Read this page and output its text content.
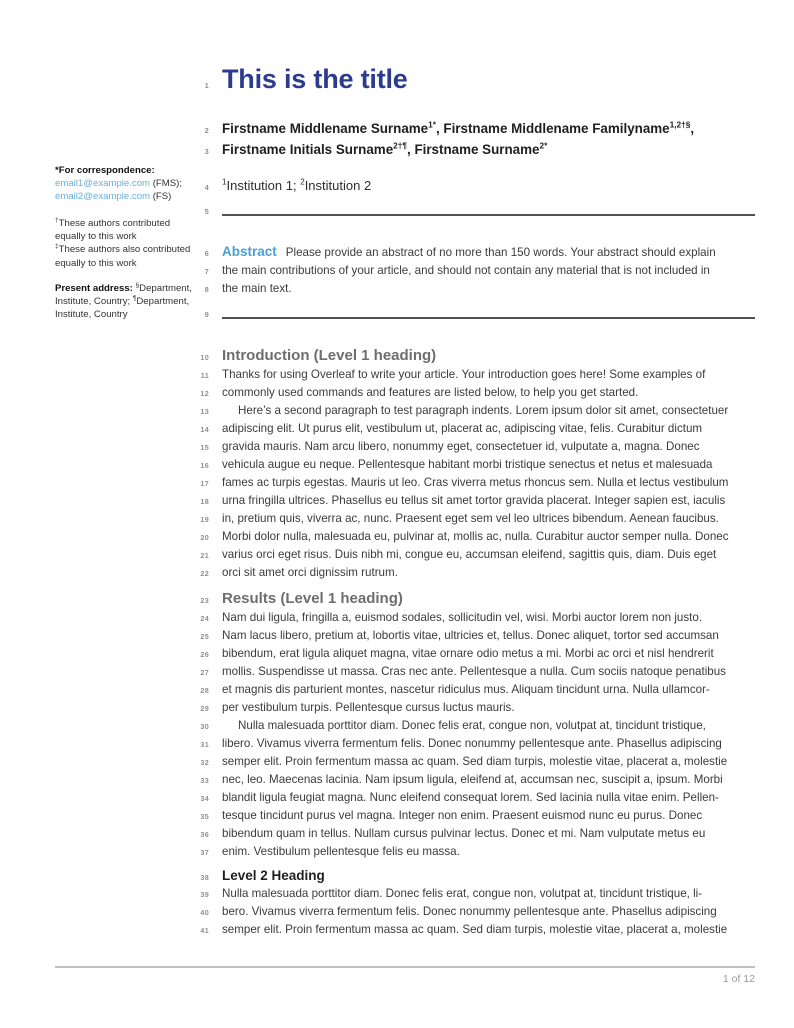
*For correspondence:
email1@example.com (FMS);
email2@example.com (FS)
†These authors contributed
equally to this work
‡These authors also contributed
equally to this work
Present address: §Department,
Institute, Country; ¶Department,
Institute, Country
1 This is the title
2 Firstname Middlename Surname$^{1*}$, Firstname Middlename Familyname$^{1,2\dagger\S}$,
3 Firstname Initials Surname$^{2\dagger\P}$, Firstname Surname$^{2*}$
4
$^1$Institution 1; $^2$Institution 2
5
6 Abstract Please provide an abstract of no more than 150 words. Your abstract should explain
7 the main contributions of your article, and should not contain any material that is not included in
8 the main text.
9
10 Introduction (Level 1 heading)
11 Thanks for using Overleaf to write your article. Your introduction goes here! Some examples of
12 commonly used commands and features are listed below, to help you get started.
13	Here’s a second paragraph to test paragraph indents. Lorem ipsum dolor sit amet, consectetuer
14 adipiscing elit. Ut purus elit, vestibulum ut, placerat ac, adipiscing vitae, felis. Curabitur dictum
15 gravida mauris. Nam arcu libero, nonummy eget, consectetuer id, vulputate a, magna. Donec
16 vehicula augue eu neque. Pellentesque habitant morbi tristique senectus et netus et malesuada
17 fames ac turpis egestas. Mauris ut leo. Cras viverra metus rhoncus sem. Nulla et lectus vestibulum
18 urna fringilla ultrices. Phasellus eu tellus sit amet tortor gravida placerat. Integer sapien est, iaculis
19 in, pretium quis, viverra ac, nunc. Praesent eget sem vel leo ultrices bibendum. Aenean faucibus.
20 Morbi dolor nulla, malesuada eu, pulvinar at, mollis ac, nulla. Curabitur auctor semper nulla. Donec
21 varius orci eget risus. Duis nibh mi, congue eu, accumsan eleifend, sagittis quis, diam. Duis eget
22 orci sit amet orci dignissim rutrum.
23 Results (Level 1 heading)
24 Nam dui ligula, fringilla a, euismod sodales, sollicitudin vel, wisi. Morbi auctor lorem non justo.
25 Nam lacus libero, pretium at, lobortis vitae, ultricies et, tellus. Donec aliquet, tortor sed accumsan
26 bibendum, erat ligula aliquet magna, vitae ornare odio metus a mi. Morbi ac orci et nisl hendrerit
27 mollis. Suspendisse ut massa. Cras nec ante. Pellentesque a nulla. Cum sociis natoque penatibus
28 et magnis dis parturient montes, nascetur ridiculus mus. Aliquam tincidunt urna. Nulla ullamcor-
29 per vestibulum turpis. Pellentesque cursus luctus mauris.
30	Nulla malesuada porttitor diam. Donec felis erat, congue non, volutpat at, tincidunt tristique,
31 libero. Vivamus viverra fermentum felis. Donec nonummy pellentesque ante. Phasellus adipiscing
32 semper elit. Proin fermentum massa ac quam. Sed diam turpis, molestie vitae, placerat a, molestie
33 nec, leo. Maecenas lacinia. Nam ipsum ligula, eleifend at, accumsan nec, suscipit a, ipsum. Morbi
34 blandit ligula feugiat magna. Nunc eleifend consequat lorem. Sed lacinia nulla vitae enim. Pellen-
35 tesque tincidunt purus vel magna. Integer non enim. Praesent euismod nunc eu purus. Donec
36 bibendum quam in tellus. Nullam cursus pulvinar lectus. Donec et mi. Nam vulputate metus eu
37 enim. Vestibulum pellentesque felis eu massa.
38 Level 2 Heading
39 Nulla malesuada porttitor diam. Donec felis erat, congue non, volutpat at, tincidunt tristique, li-
40 bero. Vivamus viverra fermentum felis. Donec nonummy pellentesque ante. Phasellus adipiscing
41 semper elit. Proin fermentum massa ac quam. Sed diam turpis, molestie vitae, placerat a, molestie
1 of 12
